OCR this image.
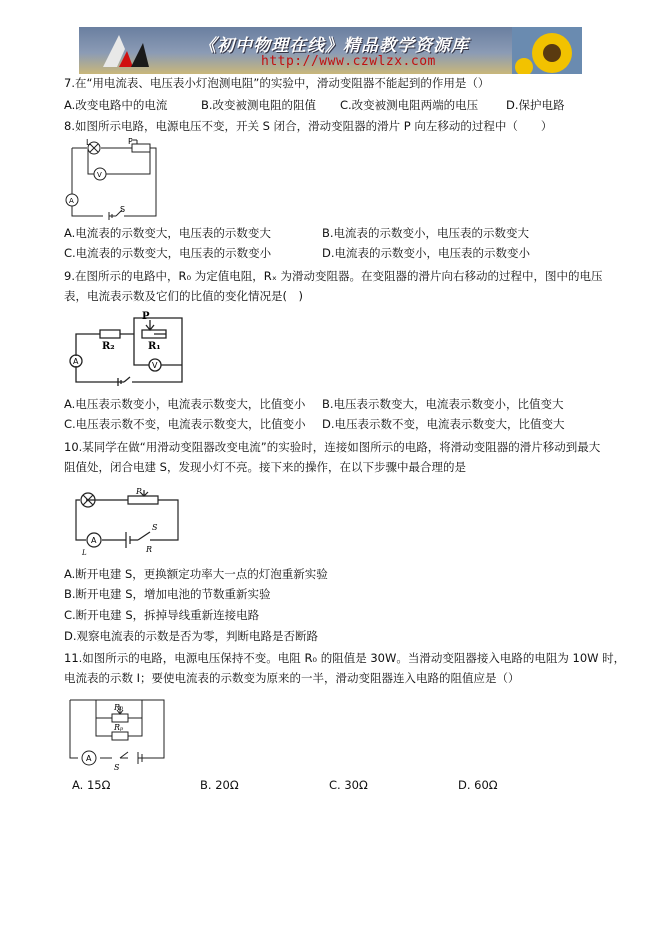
《初中物理在线》精品教学资源库
http://www.czwlzx.com
7.在“用电流表、电压表小灯泡测电阻”的实验中，滑动变阻器不能起到的作用是（）
A.改变电路中的电流	B.改变被测电阻的阻值 C.改变被测电阻两端的电压 D.保护电路
8.如图所示电路，电源电压不变，开关 S 闭合，滑动变阻器的滑片 P 向左移动的过程中（　　）
L	P
V
A
S
A.电流表的示数变大，电压表的示数变大	B.电流表的示数变小，电压表的示数变大
C.电流表的示数变大，电压表的示数变小	D.电流表的示数变小，电压表的示数变小
9.在图所示的电路中，R₀ 为定值电阻，Rₓ 为滑动变阻器。在变阻器的滑片向右移动的过程中，图中的电压
表，电流表示数及它们的比值的变化情况是(　)
P
R₂	R₁
A	V
A.电压表示数变小，电流表示数变大，比值变小 B.电压表示数变大，电流表示数变小，比值变大
C.电压表示数不变，电流表示数变大，比值变小 D.电压表示数不变，电流表示数变大，比值变大
10.某同学在做“用滑动变阻器改变电流”的实验时，连接如图所示的电路，将滑动变阻器的滑片移动到最大
阻值处，闭合电建 S，发现小灯不亮。接下来的操作，在以下步骤中最合理的是
P
S
R
A
L
A.断开电建 S，更换额定功率大一点的灯泡重新实验
B.断开电建 S，增加电池的节数重新实验
C.断开电建 S，拆掉导线重新连接电路
D.观察电流表的示数是否为零，判断电路是否断路
11.如图所示的电路，电源电压保持不变。电阻 R₀ 的阻值是 30W。当滑动变阻器接入电路的电阻为 10W 时，
电流表的示数 I；要使电流表的示数变为原来的一半，滑动变阻器连入电路的阻值应是（）
R₀
Rₚ
A
S
A. 15Ω	B. 20Ω	C. 30Ω	D. 60Ω
